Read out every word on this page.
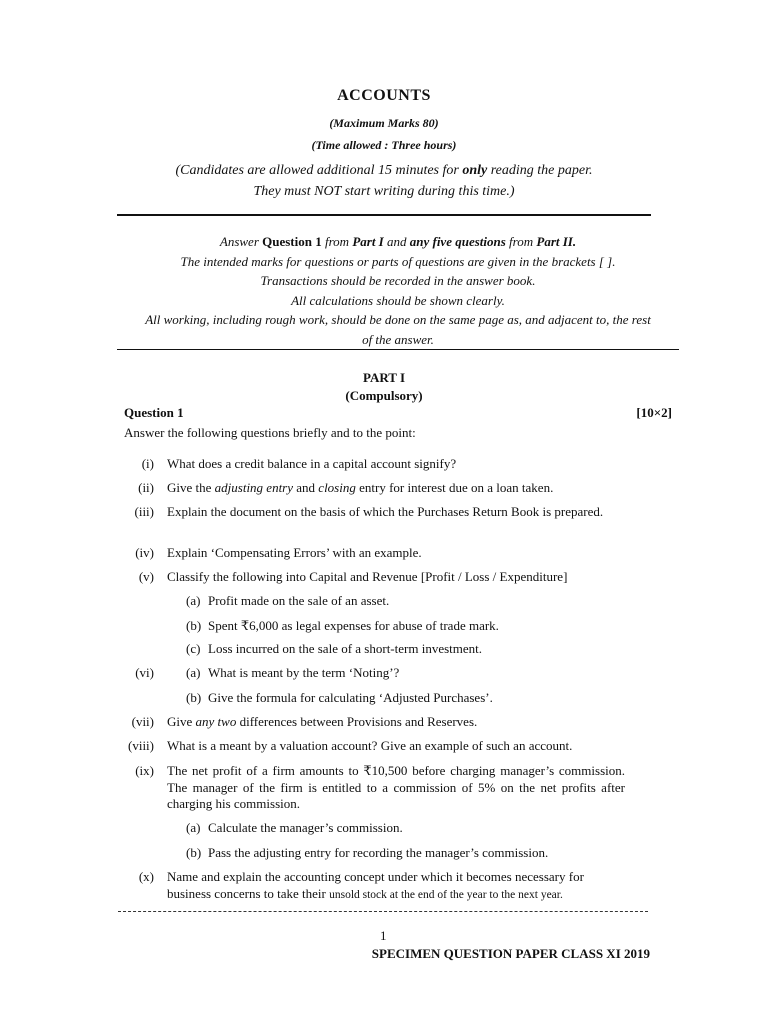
ACCOUNTS
(Maximum Marks 80)
(Time allowed : Three hours)
(Candidates are allowed additional 15 minutes for only reading the paper.
They must NOT start writing during this time.)
Answer Question 1 from Part I and any five questions from Part II.
The intended marks for questions or parts of questions are given in the brackets [ ].
Transactions should be recorded in the answer book.
All calculations should be shown clearly.
All working, including rough work, should be done on the same page as, and adjacent to, the rest
of the answer.
PART I
(Compulsory)
Question 1	[10×2]
Answer the following questions briefly and to the point:
(i) What does a credit balance in a capital account signify?
(ii) Give the adjusting entry and closing entry for interest due on a loan taken.
(iii) Explain the document on the basis of which the Purchases Return Book is prepared.
(iv) Explain ‘Compensating Errors’ with an example.
(v) Classify the following into Capital and Revenue [Profit / Loss / Expenditure]
(a) Profit made on the sale of an asset.
(b) Spent ₹6,000 as legal expenses for abuse of trade mark.
(c) Loss incurred on the sale of a short-term investment.
(vi) (a) What is meant by the term ‘Noting’?
(b) Give the formula for calculating ‘Adjusted Purchases’.
(vii) Give any two differences between Provisions and Reserves.
(viii) What is a meant by a valuation account? Give an example of such an account.
(ix) The net profit of a firm amounts to ₹10,500 before charging manager’s commission. The manager of the firm is entitled to a commission of 5% on the net profits after charging his commission.
(a) Calculate the manager’s commission.
(b) Pass the adjusting entry for recording the manager’s commission.
(x) Name and explain the accounting concept under which it becomes necessary for business concerns to take their unsold stock at the end of the year to the next year.
1
SPECIMEN QUESTION PAPER CLASS XI 2019
